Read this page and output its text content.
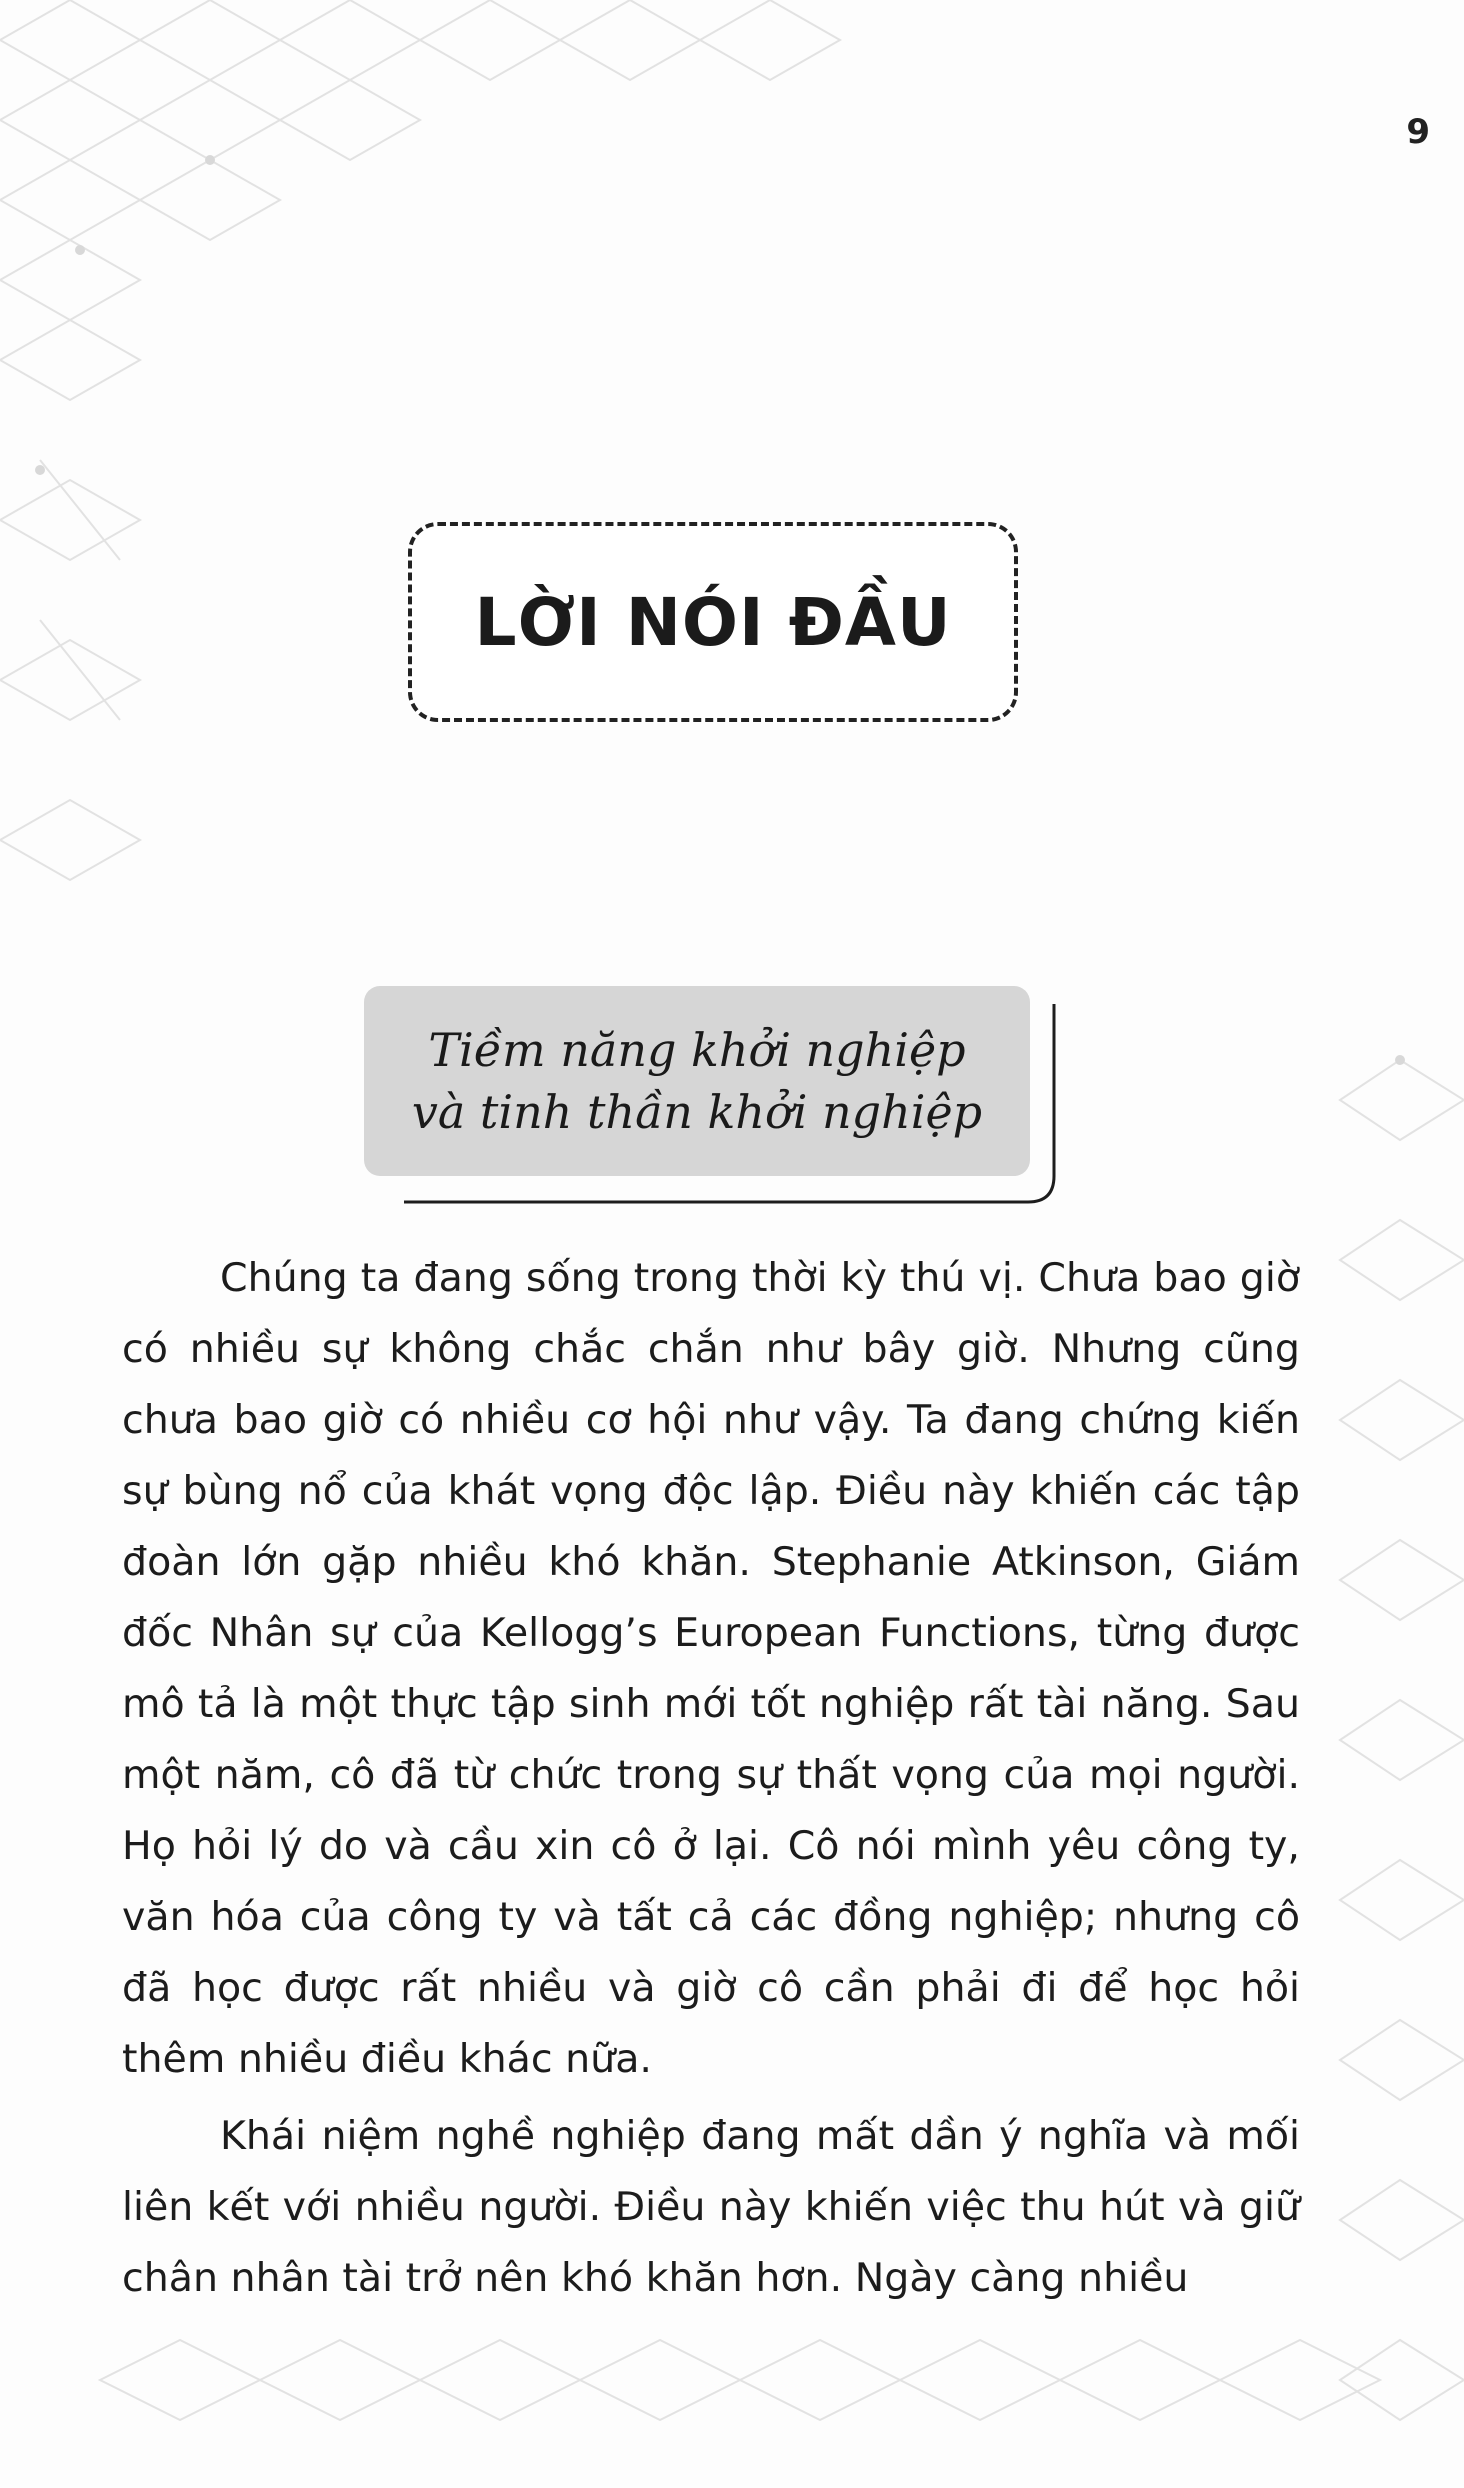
9
LỜI NÓI ĐẦU
Tiềm năng khởi nghiệp
và tinh thần khởi nghiệp

Chúng ta đang sống trong thời kỳ thú vị. Chưa bao giờ có nhiều sự không chắc chắn như bây giờ. Nhưng cũng chưa bao giờ có nhiều cơ hội như vậy. Ta đang chứng kiến sự bùng nổ của khát vọng độc lập. Điều này khiến các tập đoàn lớn gặp nhiều khó khăn. Stephanie Atkinson, Giám đốc Nhân sự của Kellogg’s European Functions, từng được mô tả là một thực tập sinh mới tốt nghiệp rất tài năng. Sau một năm, cô đã từ chức trong sự thất vọng của mọi người. Họ hỏi lý do và cầu xin cô ở lại. Cô nói mình yêu công ty, văn hóa của công ty và tất cả các đồng nghiệp; nhưng cô đã học được rất nhiều và giờ cô cần phải đi để học hỏi thêm nhiều điều khác nữa.

Khái niệm nghề nghiệp đang mất dần ý nghĩa và mối liên kết với nhiều người. Điều này khiến việc thu hút và giữ chân nhân tài trở nên khó khăn hơn. Ngày càng nhiều
